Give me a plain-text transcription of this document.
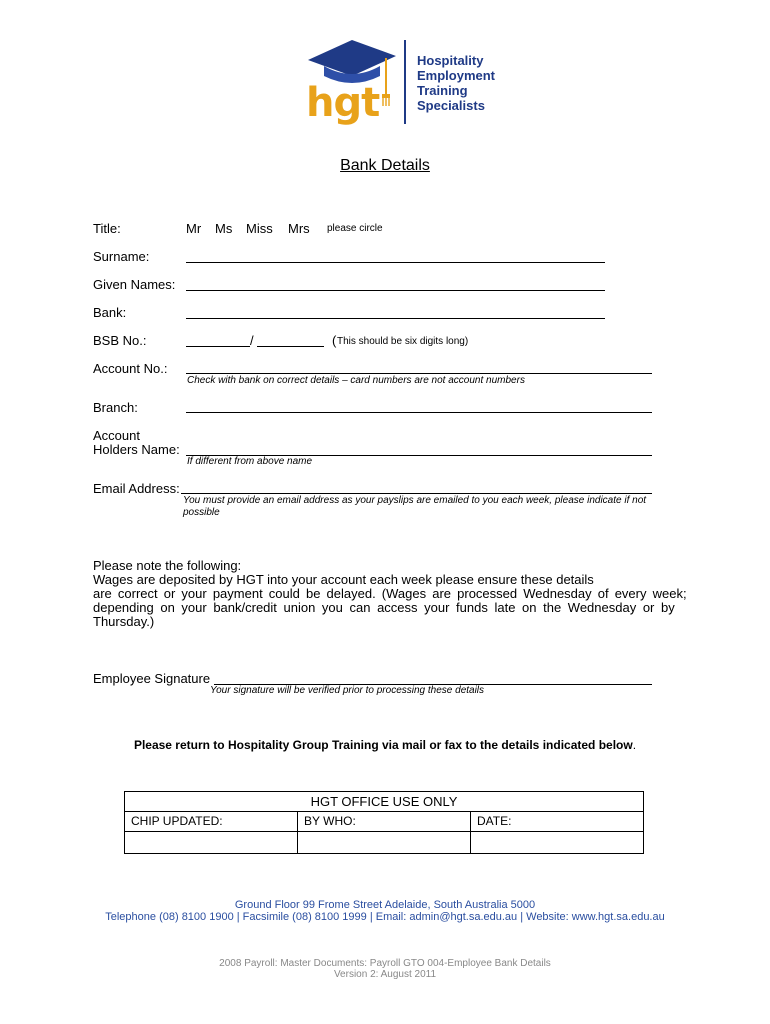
hgt
Hospitality
Employment
Training
Specialists
Bank Details
Title:	Mr Ms Miss Mrs please circle
Surname:
Given Names:
Bank:
BSB No.:	/	( This should be six digits long)
Account No.:
Check with bank on correct details – card numbers are not account numbers
Branch:
Account
Holders Name:
If different from above name
Email Address:
You must provide an email address as your payslips are emailed to you each week, please indicate if not
possible
Please note the following:
Wages are deposited by HGT into your account each week please ensure these details
are correct or your payment could be delayed. (Wages are processed Wednesday of every week;
depending on your bank/credit union you can access your funds late on the Wednesday or by
Thursday.)
Employee Signature
Your signature will be verified prior to processing these details
Please return to Hospitality Group Training via mail or fax to the details indicated below.
HGT OFFICE USE ONLY		
CHIP UPDATED:	BY WHO:	DATE:

Ground Floor 99 Frome Street Adelaide, South Australia 5000
Telephone (08) 8100 1900 | Facsimile (08) 8100 1999 | Email: admin@hgt.sa.edu.au | Website: www.hgt.sa.edu.au
2008 Payroll: Master Documents: Payroll GTO 004-Employee Bank Details
Version 2: August 2011
